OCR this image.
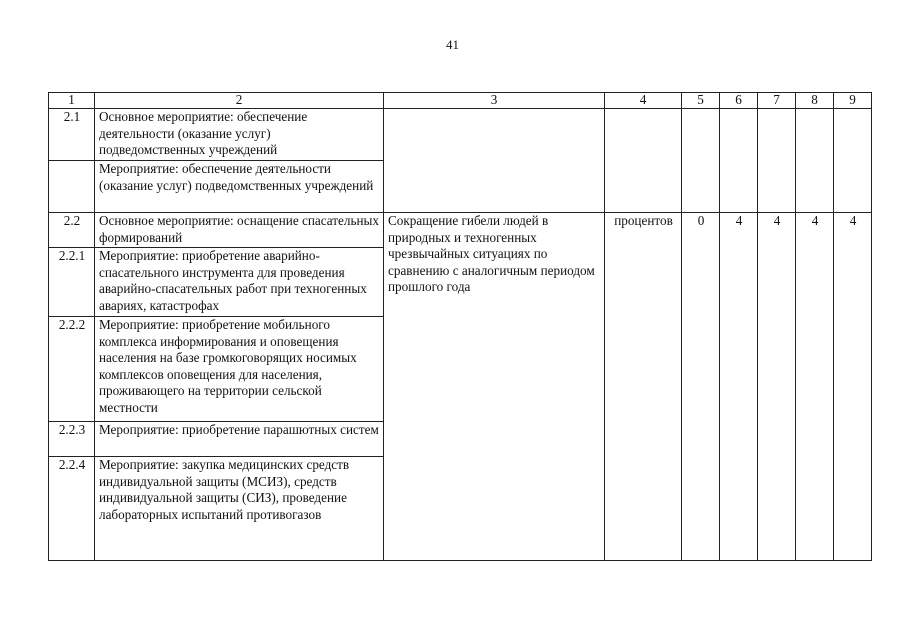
41
1	2	3	4	5	6	7	8	9
2.1	Основное мероприятие: обеспечение деятельности (оказание услуг) подведомственных учреждений							
	Мероприятие: обеспечение деятельности (оказание услуг) подведомственных учреждений							
2.2	Основное мероприятие: оснащение спасательных формирований	Сокращение гибели людей в природных и техногенных чрезвычайных ситуациях по сравнению с аналогичным периодом прошлого года	процентов	0	4	4	4	4
2.2.1	Мероприятие: приобретение аварийно-спасательного инструмента для проведения аварийно-спасательных работ при техногенных авариях, катастрофах							
2.2.2	Мероприятие: приобретение мобильного комплекса информирования и оповещения населения на базе громкоговорящих носимых комплексов оповещения для населения, проживающего на территории сельской местности							
2.2.3	Мероприятие: приобретение парашютных систем							
2.2.4	Мероприятие: закупка медицинских средств индивидуальной защиты (МСИЗ), средств индивидуальной защиты (СИЗ), проведение лабораторных испытаний противогазов							
